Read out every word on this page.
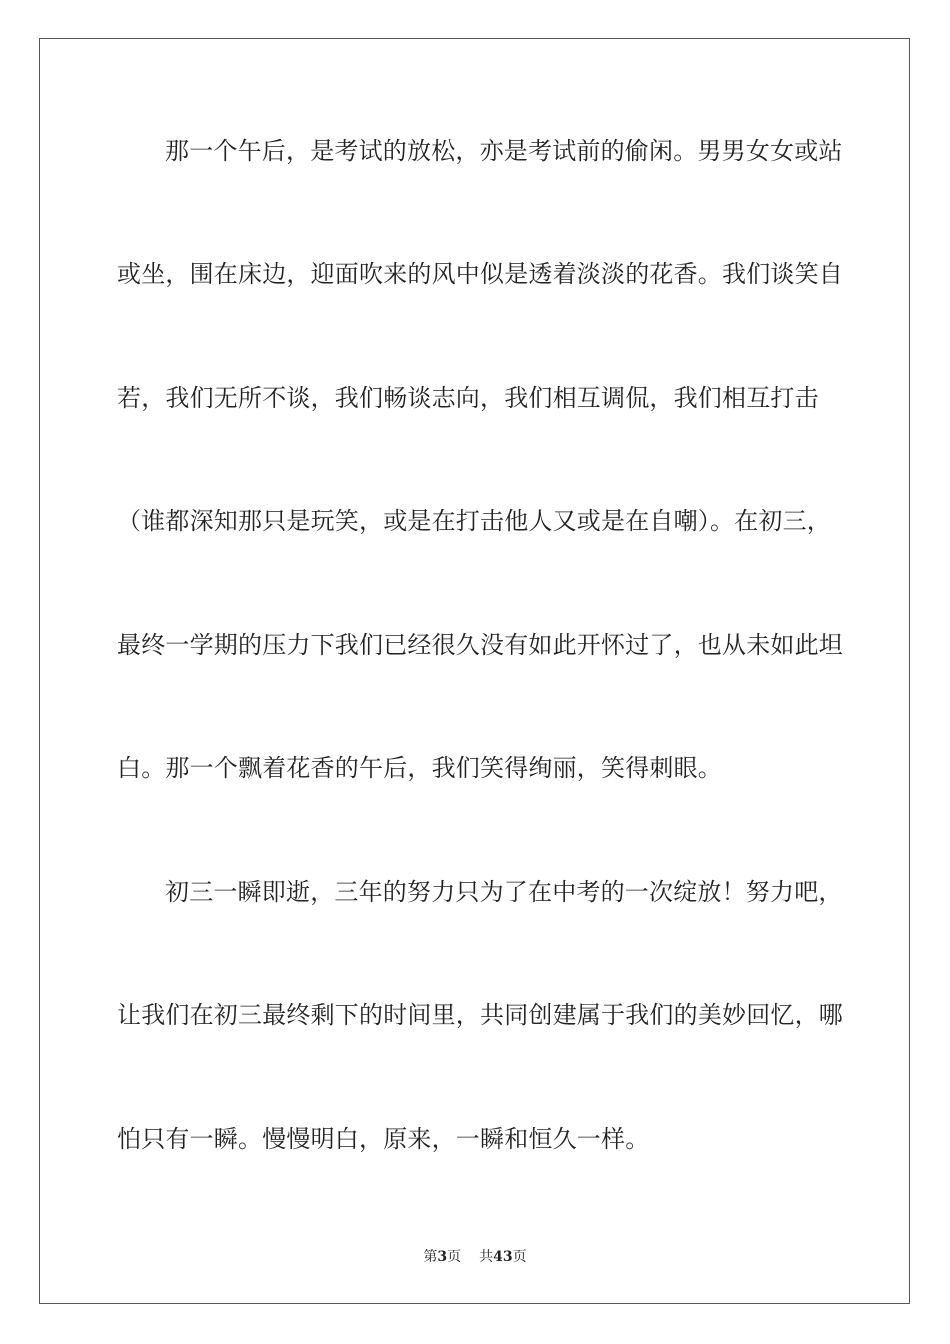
那一个午后，是考试的放松，亦是考试前的偷闲。男男女女或站
或坐，围在床边，迎面吹来的风中似是透着淡淡的花香。我们谈笑自
若，我们无所不谈，我们畅谈志向，我们相互调侃，我们相互打击
（谁都深知那只是玩笑，或是在打击他人又或是在自嘲）。在初三，
最终一学期的压力下我们已经很久没有如此开怀过了，也从未如此坦
白。那一个飘着花香的午后，我们笑得绚丽，笑得刺眼。
初三一瞬即逝，三年的努力只为了在中考的一次绽放！努力吧，
让我们在初三最终剩下的时间里，共同创建属于我们的美妙回忆，哪
怕只有一瞬。慢慢明白，原来，一瞬和恒久一样。
第3页 共43页
